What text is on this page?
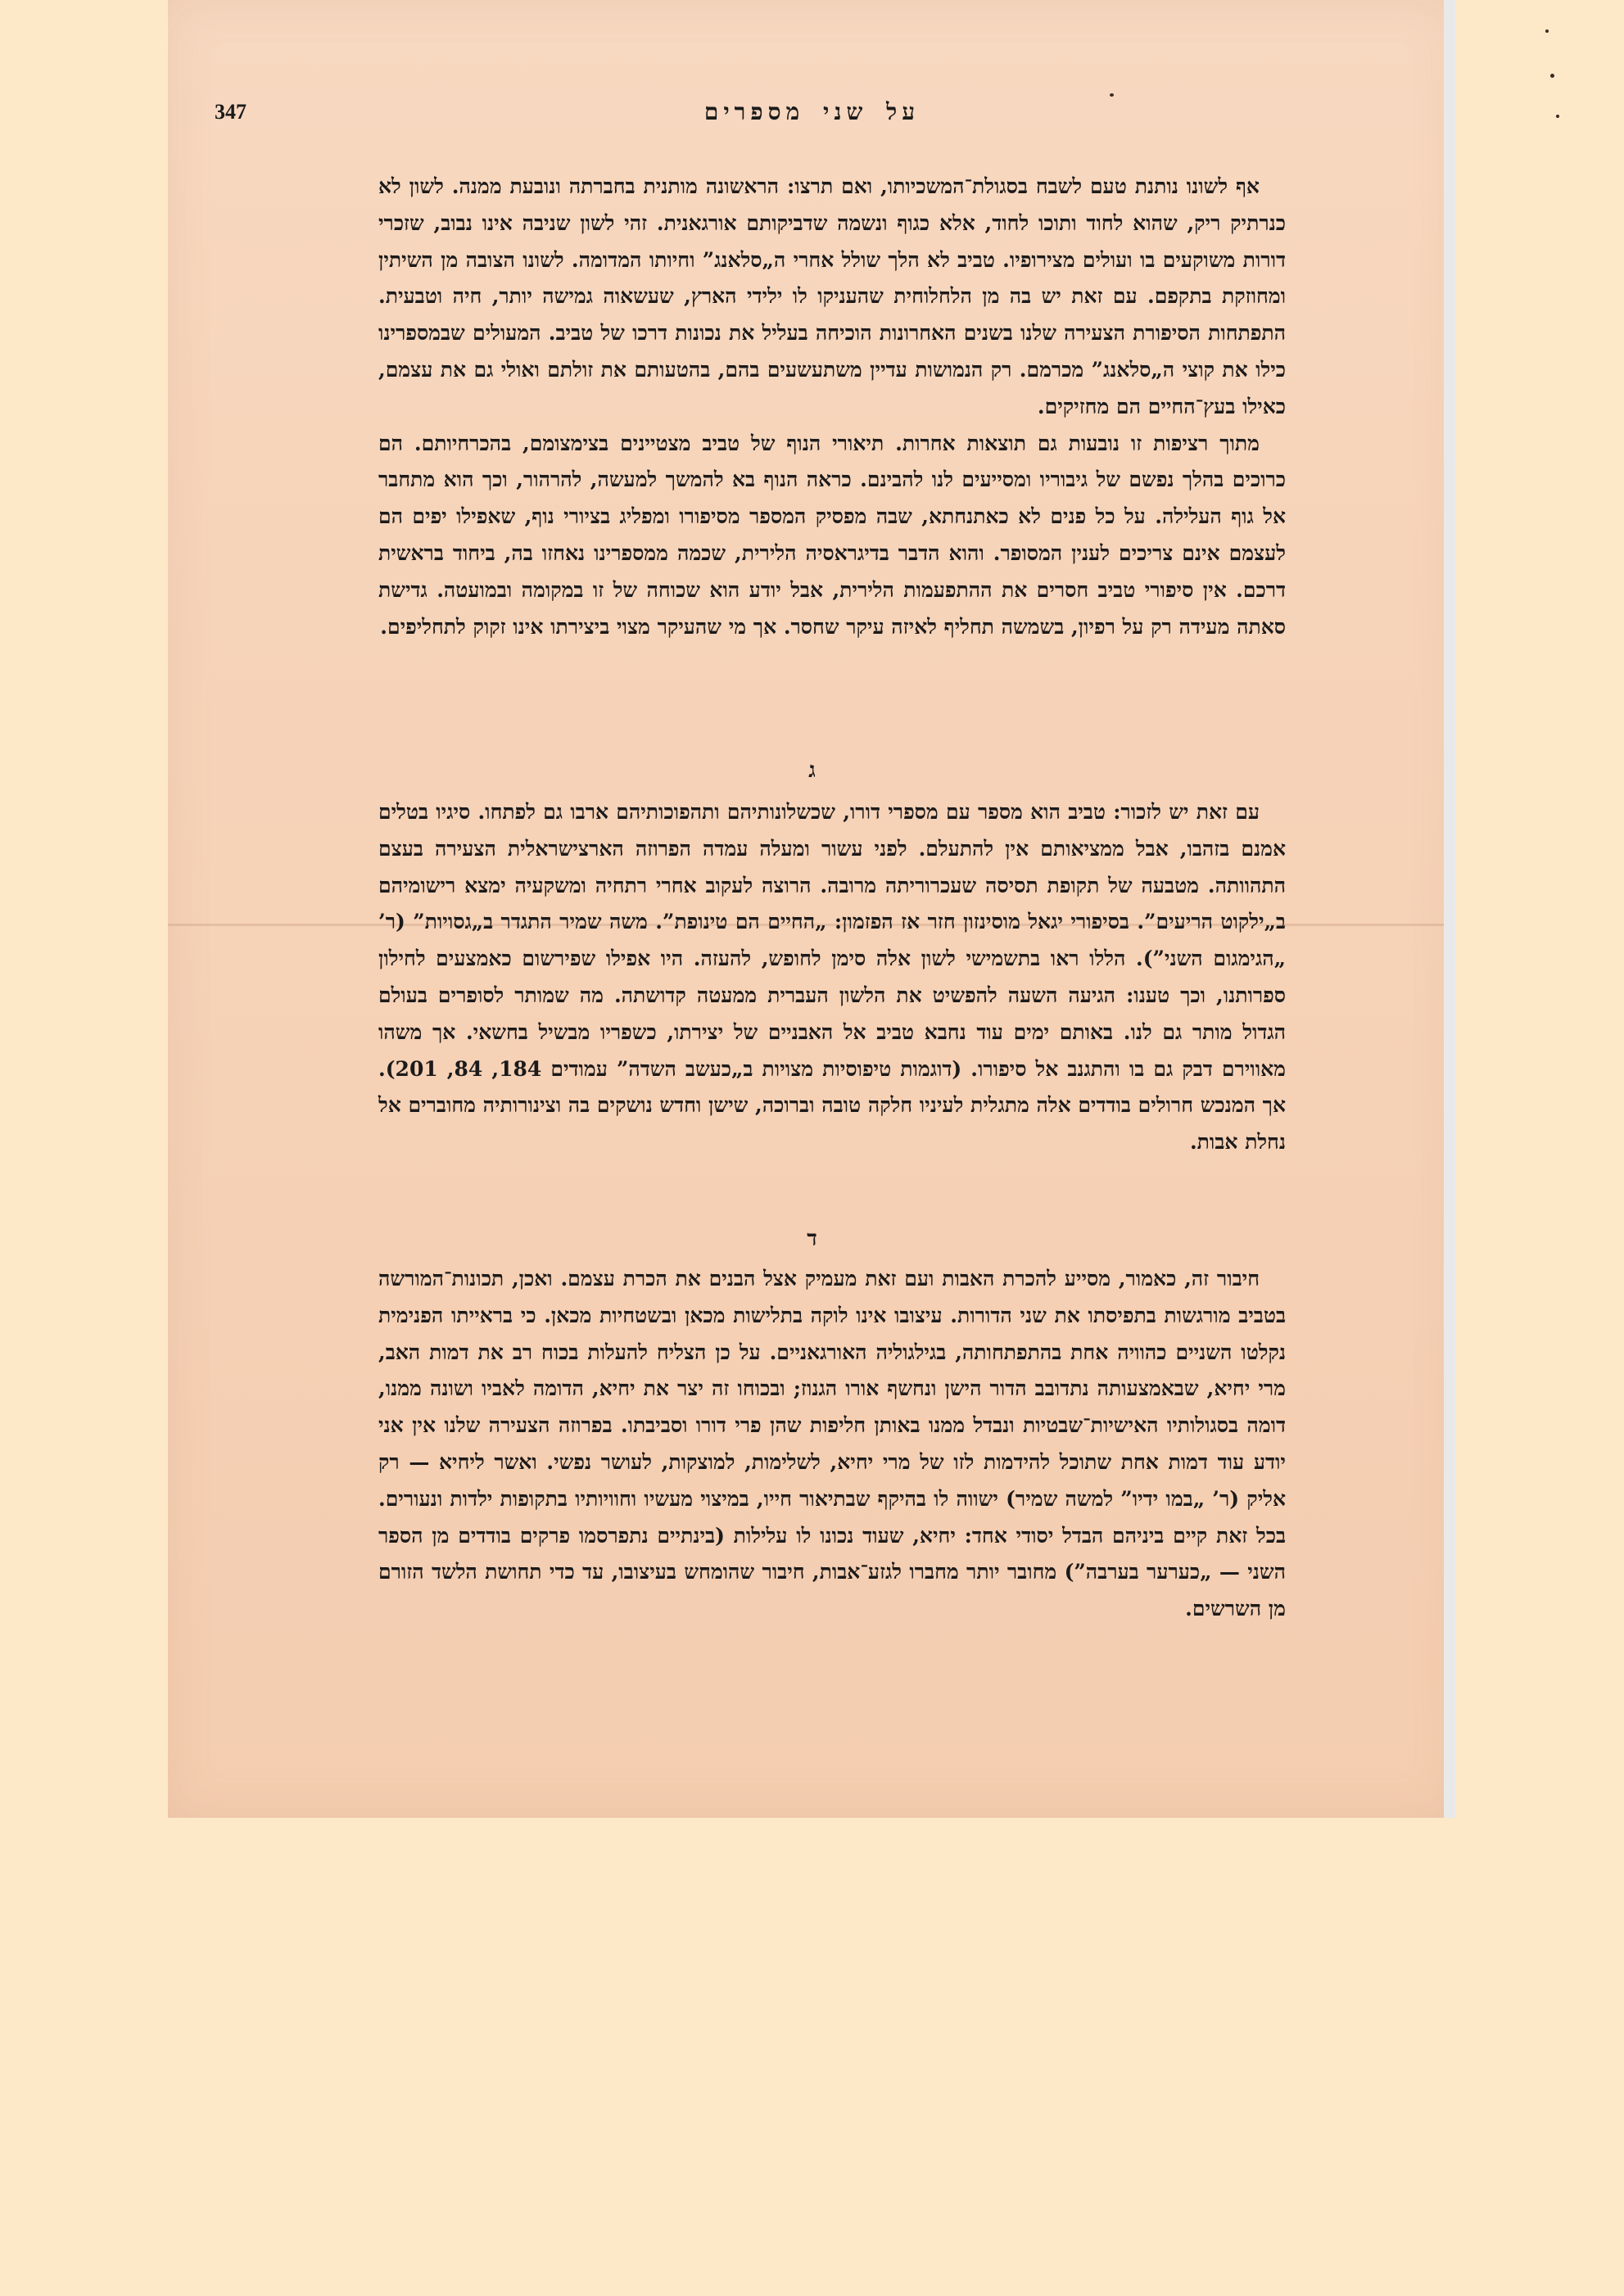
347	על שני מספרים

אף לשונו נותנת טעם לשבח בסגולת־המשכיותו, ואם תרצו: הראשונה מותנית בחברתה ונובעת ממנה. לשון לא כנרתיק ריק, שהוא לחוד ותוכו לחוד, אלא כגוף ונשמה שדביקותם אורגאנית. זהי לשון שניבה אינו נבוב, שזכרי דורות משוקעים בו ועולים מצירופיו. טביב לא הלך שולל אחרי ה„סלאנג” וחיותו המדומה. לשונו הצובה מן השיתין ומחוזקת בתקפם. עם זאת יש בה מן הלחלוחית שהעניקו לו ילידי הארץ, שעשאוה גמישה יותר, חיה וטבעית. התפתחות הסיפורת הצעירה שלנו בשנים האחרונות הוכיחה בעליל את נכונות דרכו של טביב. המעולים שבמספרינו כילו את קוצי ה„סלאנג” מכרמם. רק הנמושות עדיין משתעשעים בהם, בהטעותם את זולתם ואולי גם את עצמם, כאילו בעץ־החיים הם מחזיקים.

מתוך רציפות זו נובעות גם תוצאות אחרות. תיאורי הנוף של טביב מצטיינים בצימצומם, בהכרחיותם. הם כרוכים בהלך נפשם של גיבוריו ומסייעים לנו להבינם. כראה הנוף בא להמשך למעשה, להרהור, וכך הוא מתחבר אל גוף העלילה. על כל פנים לא כאתנחתא, שבה מפסיק המספר מסיפורו ומפליג בציורי נוף, שאפילו יפים הם לעצמם אינם צריכים לענין המסופר. והוא הדבר בדיגראסיה הלירית, שכמה ממספרינו נאחזו בה, ביחוד בראשית דרכם. אין סיפורי טביב חסרים את ההתפעמות הלירית, אבל יודע הוא שכוחה של זו במקומה ובמועטה. גדישת סאתה מעידה רק על רפיון, בשמשה תחליף לאיזה עיקר שחסר. אך מי שהעיקר מצוי ביצירתו אינו זקוק לתחליפים.

ג

עם זאת יש לזכור: טביב הוא מספר עם מספרי דורו, שכשלונותיהם ותהפוכותיהם ארבו גם לפתחו. סיגיו בטלים אמנם בזהבו, אבל ממציאותם אין להתעלם. לפני עשור ומעלה עמדה הפרוזה הארצישראלית הצעירה בעצם התהוותה. מטבעה של תקופת תסיסה שעכרוריתה מרובה. הרוצה לעקוב אחרי רתחיה ומשקעיה ימצא רישומיהם ב„ילקוט הריעים”. בסיפורי יגאל מוסינזון חזר אז הפזמון: „החיים הם טינופת”. משה שמיר התגדר ב„גסויות” (ר’ „הגימגום השני”). הללו ראו בתשמישי לשון אלה סימן לחופש, להעזה. היו אפילו שפירשום כאמצעים לחילון ספרותנו, וכך טענו: הגיעה השעה להפשיט את הלשון העברית ממעטה קדושתה. מה שמותר לסופרים בעולם הגדול מותר גם לנו. באותם ימים עוד נחבא טביב אל האבניים של יצירתו, כשפריו מבשיל בחשאי. אך משהו מאווירם דבק גם בו והתגנב אל סיפורו. (דוגמות טיפוסיות מצויות ב„כעשב השדה” עמודים 184, 84, 201). אך המנכש חרולים בודדים אלה מתגלית לעיניו חלקה טובה וברוכה, שישן וחדש נושקים בה וצינורותיה מחוברים אל נחלת אבות.

ד

חיבור זה, כאמור, מסייע להכרת האבות ועם זאת מעמיק אצל הבנים את הכרת עצמם. ואכן, תכונות־המורשה בטביב מורגשות בתפיסתו את שני הדורות. עיצובו אינו לוקה בתלישות מכאן ובשטחיות מכאן. כי בראייתו הפנימית נקלטו השניים כהוויה אחת בהתפתחותה, בגילגוליה האורגאניים. על כן הצליח להעלות בכוח רב את דמות האב, מרי יחיא, שבאמצעותה נתדובב הדור הישן ונחשף אורו הגנוז; ובכוחו זה יצר את יחיא, הדומה לאביו ושונה ממנו, דומה בסגולותיו האישיות־שבטיות ונבדל ממנו באותן חליפות שהן פרי דורו וסביבתו. בפרוזה הצעירה שלנו אין אני יודע עוד דמות אחת שתוכל להידמות לזו של מרי יחיא, לשלימות, למוצקות, לעושר נפשי. ואשר ליחיא — רק אליק (ר’ „במו ידיו” למשה שמיר) ישווה לו בהיקף שבתיאור חייו, במיצוי מעשיו וחוויותיו בתקופות ילדות ונעורים. בכל זאת קיים ביניהם הבדל יסודי אחד: יחיא, שעוד נכונו לו עלילות (בינתיים נתפרסמו פרקים בודדים מן הספר השני — „כערער בערבה”) מחובר יותר מחברו לגזע־אבות, חיבור שהומחש בעיצובו, עד כדי תחושת הלשד הזורם מן השרשים.
